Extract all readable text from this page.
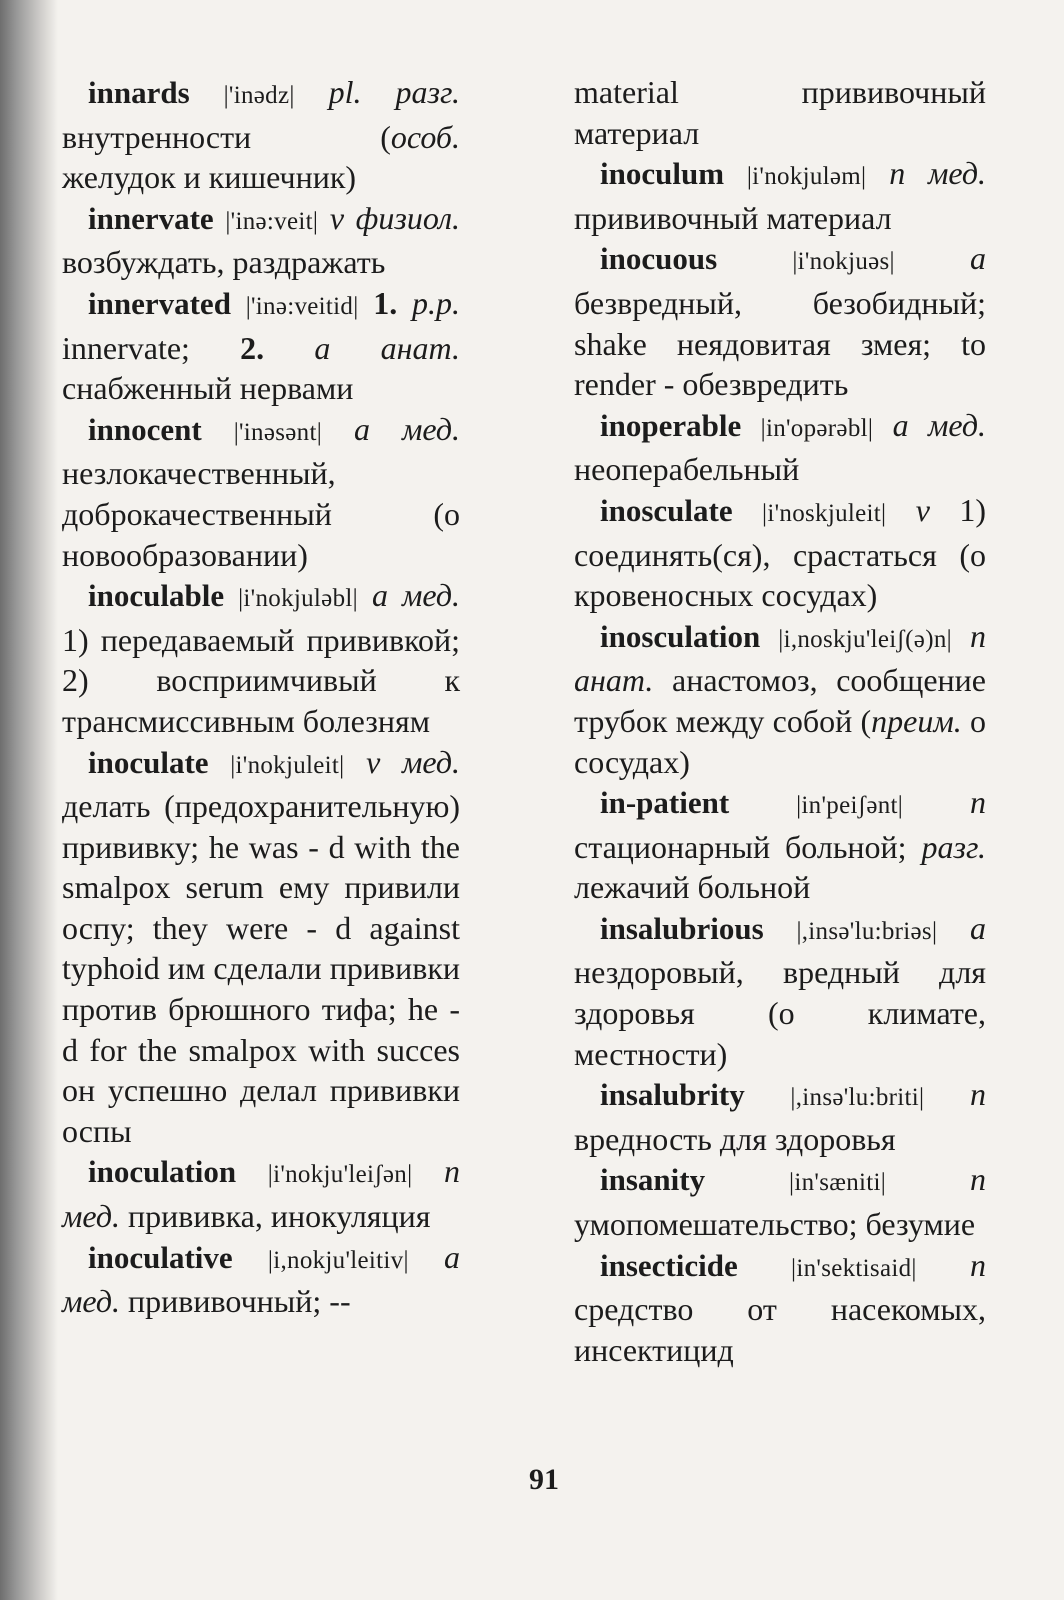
innards |'inədz| pl. разг. внутренности (особ. желудок и кишечник)

innervate |'inə:veit| v физиол. возбуждать, раздражать

innervated |'inə:veitid| 1. p.p. innervate; 2. a анат. снабженный нервами

innocent |'inəsənt| a мед. незлокачественный, доброкачественный (о новообразовании)

inoculable |i'nokjuləbl| a мед. 1) передаваемый прививкой; 2) восприимчивый к трансмиссивным болезням

inoculate |i'nokjuleit| v мед. делать (предохранительную) прививку; he was - d with the smalpox serum ему привили оспу; they were - d against typhoid им сделали прививки против брюшного тифа; he - d for the smalpox with succes он успешно делал прививки оспы

inoculation |i'nokju'leiʃən| n мед. прививка, инокуляция

inoculative |i,nokju'leitiv| a мед. прививочный; --

material прививочный материал

inoculum |i'nokjuləm| n мед. прививочный материал

inocuous	|i'nokjuəs| a безвредный, безобидный; shake неядовитая змея; to render - обезвредить

inoperable |in'opərəbl| a мед. неоперабельный

inosculate |i'noskjuleit| v 1) соединять(ся), срастаться (о кровеносных сосудах)

inosculation |i,noskju'leiʃ(ə)n| n анат. анастомоз, сообщение трубок между собой (преим. о сосудах)

in-patient	|in'peiʃənt| n стационарный больной; разг. лежачий больной

insalubrious |,insə'lu:briəs| a нездоровый, вредный для здоровья (о климате, местности)

insalubrity |,insə'lu:briti| n вредность для здоровья

insanity	|in'sæniti|	n умопомешательство; безумие

insecticide |in'sektisaid| n средство от насекомых, инсектицид

91
